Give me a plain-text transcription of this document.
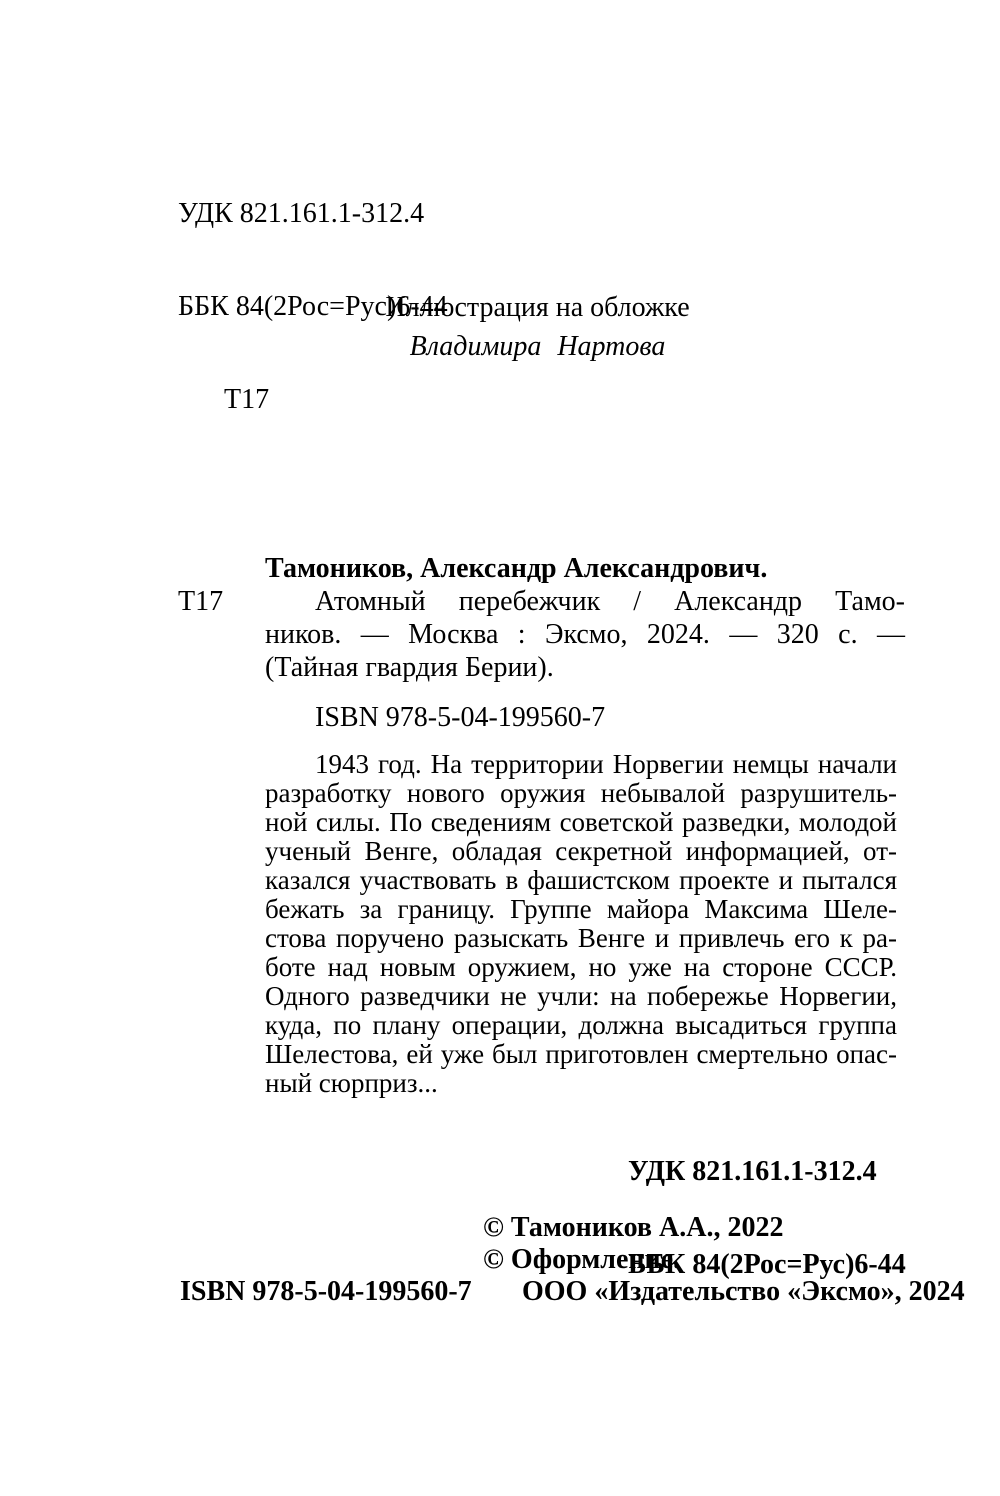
УДК 821.161.1-312.4

ББК 84(2Рос=Рус)6-44

Т17

Иллюстрация на обложке
Владимира Нартова
Тамоников, Александр Александрович.
Т17	Атомный перебежчик / Александр Тамо-
ников. — Москва : Эксмо, 2024. — 320 с. —
(Тайная гвардия Берии).
ISBN 978-5-04-199560-7
1943 год. На территории Норвегии немцы начали
разработку нового оружия небывалой разрушитель-
ной силы. По сведениям советской разведки, молодой
ученый Венге, обладая секретной информацией, от-
казался участвовать в фашистском проекте и пытался
бежать за границу. Группе майора Максима Шеле-
стова поручено разыскать Венге и привлечь его к ра-
боте над новым оружием, но уже на стороне СССР.
Одного разведчики не учли: на побережье Норвегии,
куда, по плану операции, должна высадиться группа
Шелестова, ей уже был приготовлен смертельно опас-
ный сюрприз...

УДК 821.161.1-312.4

ББК 84(2Рос=Рус)6-44

© Тамоников А.А., 2022
© Оформление.
ISBN 978-5-04-199560-7 ООО «Издательство «Эксмо», 2024
